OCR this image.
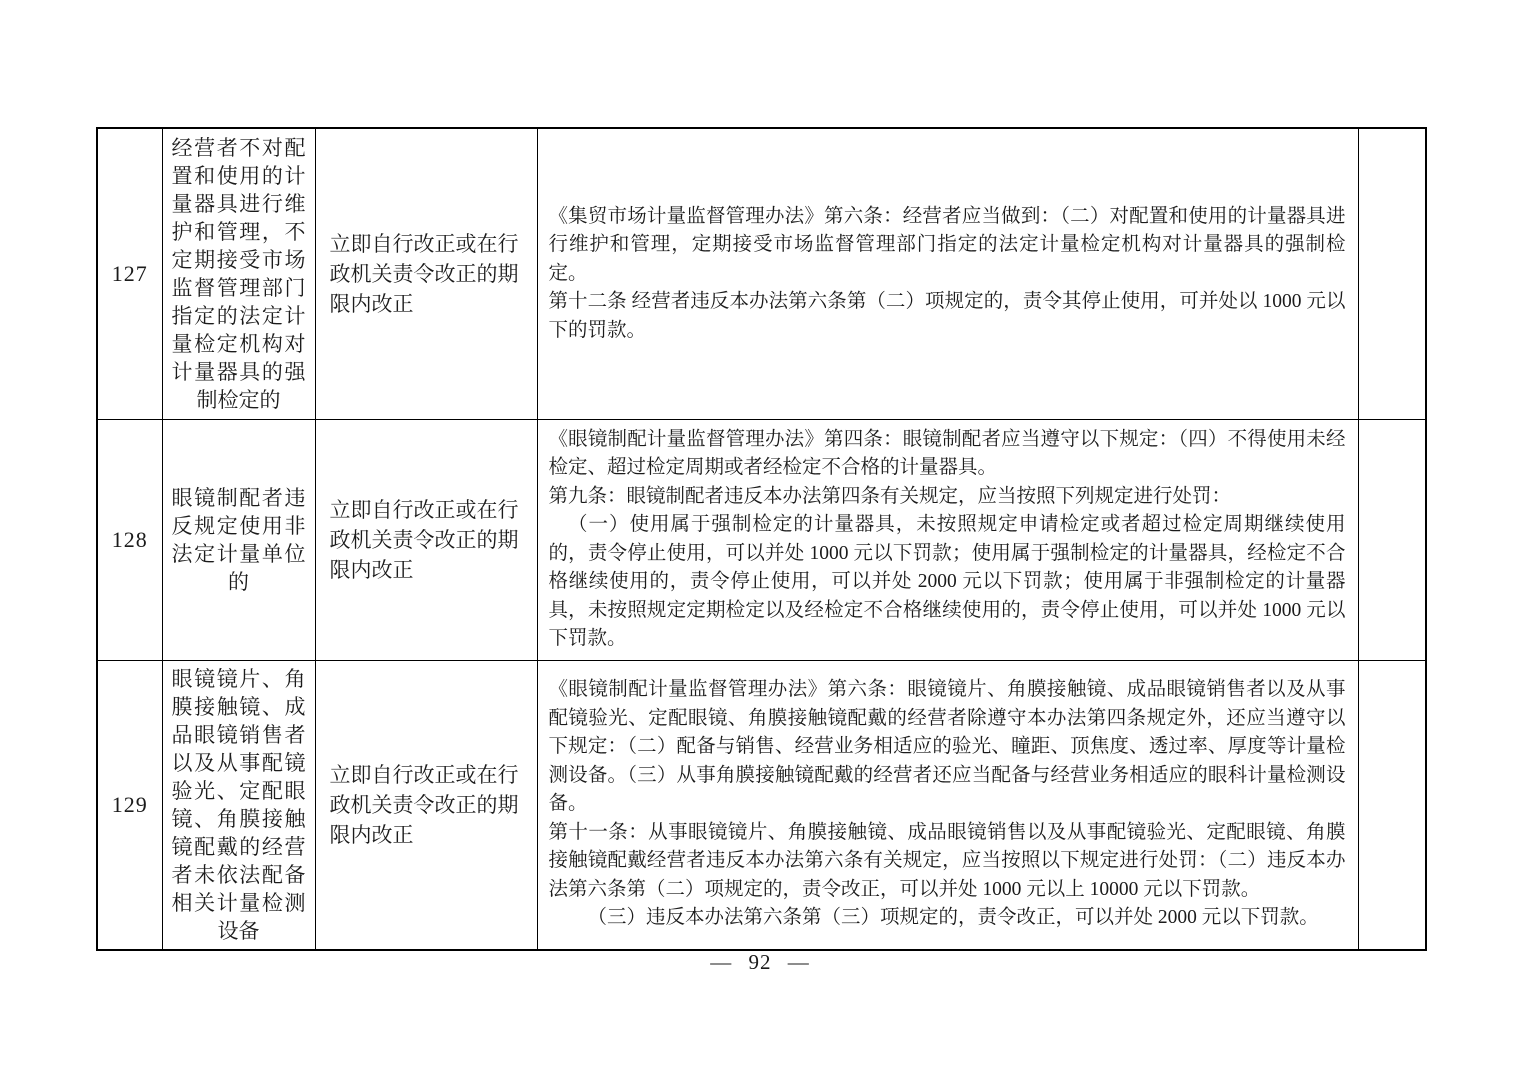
127	经营者不对配置和使用的计量器具进行维护和管理，不定期接受市场监督管理部门指定的法定计量检定机构对计量器具的强制检定的	立即自行改正或在行政机关责令改正的期限内改正	《集贸市场计量监督管理办法》第六条：经营者应当做到：（二）对配置和使用的计量器具进行维护和管理，定期接受市场监督管理部门指定的法定计量检定机构对计量器具的强制检定。

第十二条 经营者违反本办法第六条第（二）项规定的，责令其停止使用，可并处以 1000 元以下的罚款。	

128	眼镜制配者违反规定使用非法定计量单位的	立即自行改正或在行政机关责令改正的期限内改正	《眼镜制配计量监督管理办法》第四条：眼镜制配者应当遵守以下规定：（四）不得使用未经检定、超过检定周期或者经检定不合格的计量器具。

第九条：眼镜制配者违反本办法第四条有关规定，应当按照下列规定进行处罚：

（一）使用属于强制检定的计量器具，未按照规定申请检定或者超过检定周期继续使用的，责令停止使用，可以并处 1000 元以下罚款；使用属于强制检定的计量器具，经检定不合格继续使用的，责令停止使用，可以并处 2000 元以下罚款；使用属于非强制检定的计量器具，未按照规定定期检定以及经检定不合格继续使用的，责令停止使用，可以并处 1000 元以下罚款。	

129	眼镜镜片、角膜接触镜、成品眼镜销售者以及从事配镜验光、定配眼镜、角膜接触镜配戴的经营者未依法配备相关计量检测设备	立即自行改正或在行政机关责令改正的期限内改正	《眼镜制配计量监督管理办法》第六条：眼镜镜片、角膜接触镜、成品眼镜销售者以及从事配镜验光、定配眼镜、角膜接触镜配戴的经营者除遵守本办法第四条规定外，还应当遵守以下规定：（二）配备与销售、经营业务相适应的验光、瞳距、顶焦度、透过率、厚度等计量检测设备。（三）从事角膜接触镜配戴的经营者还应当配备与经营业务相适应的眼科计量检测设备。

第十一条：从事眼镜镜片、角膜接触镜、成品眼镜销售以及从事配镜验光、定配眼镜、角膜接触镜配戴经营者违反本办法第六条有关规定，应当按照以下规定进行处罚：（二）违反本办法第六条第（二）项规定的，责令改正，可以并处 1000 元以上 10000 元以下罚款。

（三）违反本办法第六条第（三）项规定的，责令改正，可以并处 2000 元以下罚款。	

— 92 —
